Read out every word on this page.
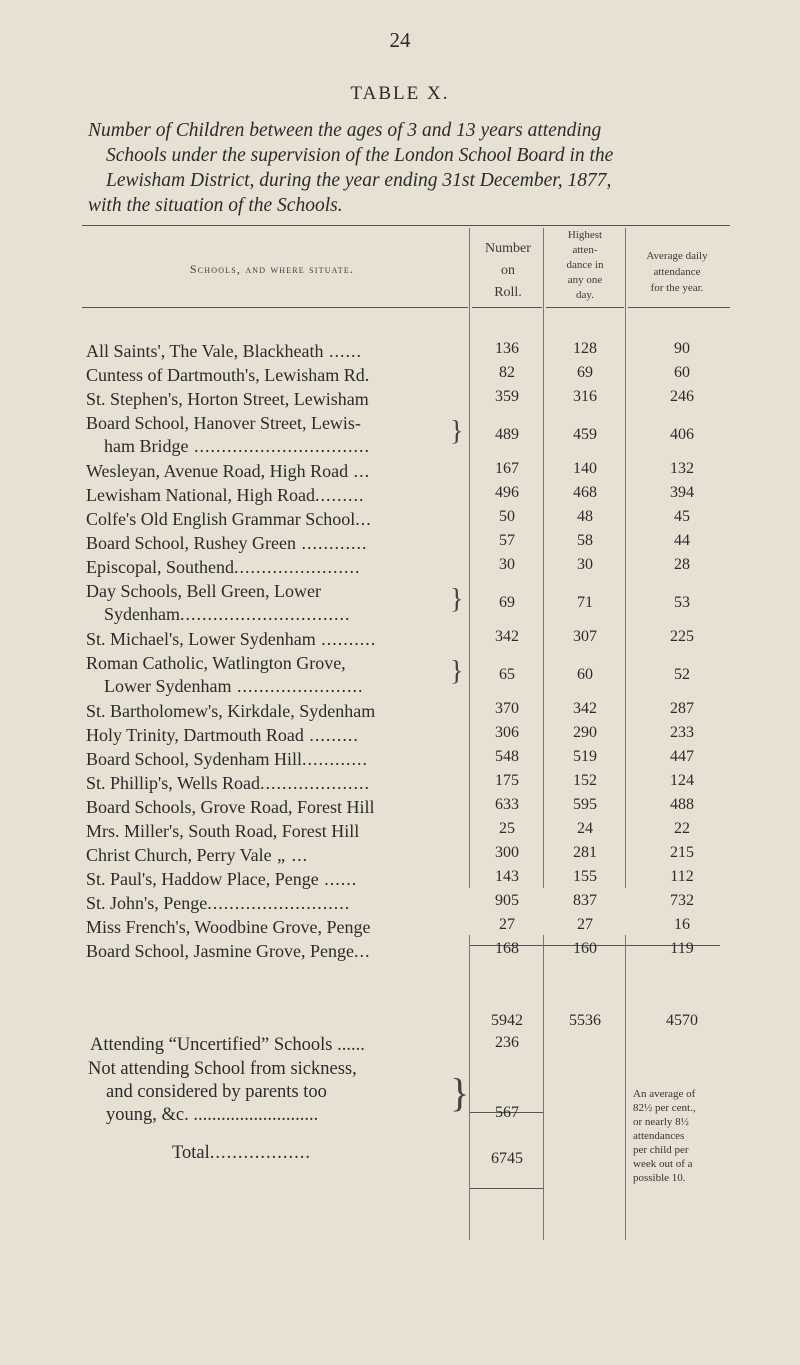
24
TABLE X.
Number of Children between the ages of 3 and 13 years attending
Schools under the supervision of the London School Board in the
Lewisham District, during the year ending 31st December, 1877,
with the situation of the Schools.
Schools, and where situate.
Number
on
Roll.
Highest
atten-
dance in
any one
day.
Average daily
attendance
for the year.
All Saints', The Vale, Blackheath ......	136	128	90
Cuntess of Dartmouth's, Lewisham Rd.	82	69	60
St. Stephen's, Horton Street, Lewisham	359	316	246
Board School, Hanover Street, Lewis-
ham Bridge ................................	}	489	459	406
Wesleyan, Avenue Road, High Road ...	167	140	132
Lewisham National, High Road.........	496	468	394
Colfe's Old English Grammar School...	50	48	45
Board School, Rushey Green ............	57	58	44
Episcopal, Southend.......................	30	30	28
Day Schools, Bell Green, Lower
Sydenham...............................	}	69	71	53
St. Michael's, Lower Sydenham ..........	342	307	225
Roman Catholic, Watlington Grove,
Lower Sydenham .......................	}	65	60	52
St. Bartholomew's, Kirkdale, Sydenham	370	342	287
Holy Trinity, Dartmouth Road .........	306	290	233
Board School, Sydenham Hill............	548	519	447
St. Phillip's, Wells Road....................	175	152	124
Board Schools, Grove Road, Forest Hill	633	595	488
Mrs. Miller's, South Road, Forest Hill	25	24	22
Christ Church, Perry Vale „ ...	300	281	215
St. Paul's, Haddow Place, Penge ......	143	155	112
St. John's, Penge..........................	905	837	732
Miss French's, Woodbine Grove, Penge	27	27	16
Board School, Jasmine Grove, Penge...	168	160	119
5942	5536	4570
Attending “Uncertified” Schools ......	236
Not attending School from sickness,
and considered by parents too
young, &c. ...........................	}	567
Total..................	6745
An average of
82½ per cent.,
or nearly 8½
attendances
per child per
week out of a
possible 10.
